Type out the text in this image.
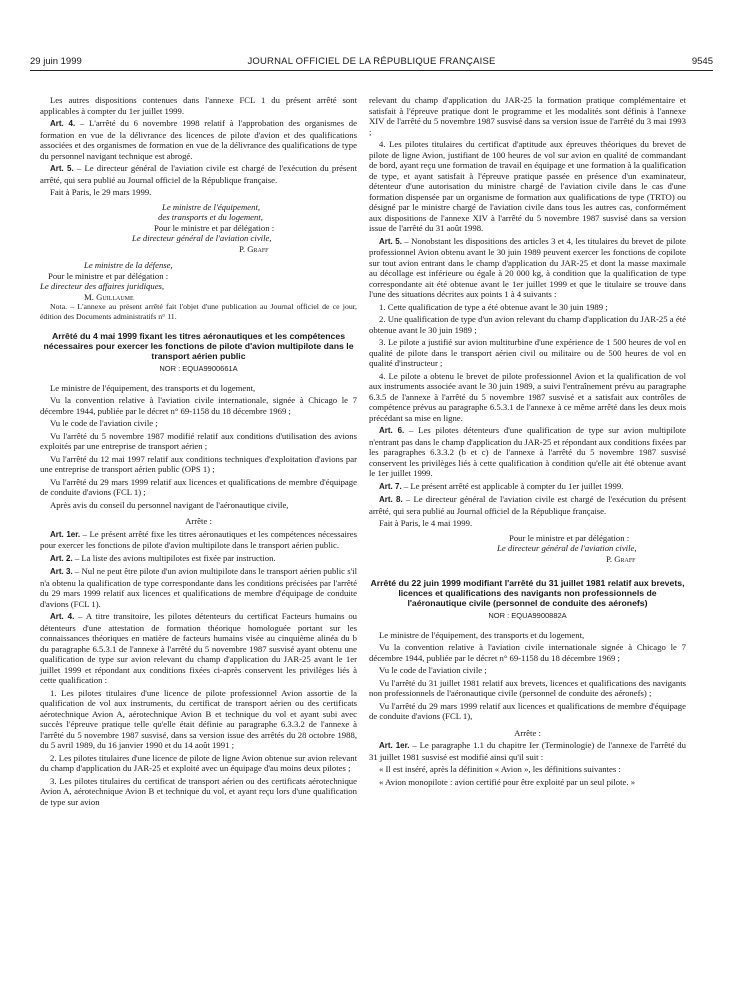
29 juin 1999	JOURNAL OFFICIEL DE LA RÉPUBLIQUE FRANÇAISE	9545

Les autres dispositions contenues dans l'annexe FCL 1 du présent arrêté sont applicables à compter du 1er juillet 1999.

Art. 4. – L'arrêté du 6 novembre 1998 relatif à l'approbation des organismes de formation en vue de la délivrance des licences de pilote d'avion et des qualifications associées et des organismes de formation en vue de la délivrance des qualifications de type du personnel navigant technique est abrogé.

Art. 5. – Le directeur général de l'aviation civile est chargé de l'exécution du présent arrêté, qui sera publié au Journal officiel de la République française.

Fait à Paris, le 29 mars 1999.

Le ministre de l'équipement,

des transports et du logement,

Pour le ministre et par délégation :

Le directeur général de l'aviation civile,

P. Graff

Le ministre de la défense,

Pour le ministre et par délégation :

Le directeur des affaires juridiques,

M. Guillaume

Nota. – L'annexe au présent arrêté fait l'objet d'une publication au Journal officiel de ce jour, édition des Documents administratifs n° 11.

Arrêté du 4 mai 1999 fixant les titres aéronautiques et les compétences nécessaires pour exercer les fonctions de pilote d'avion multipilote dans le transport aérien public
NOR : EQUA9900661A

Le ministre de l'équipement, des transports et du logement,

Vu la convention relative à l'aviation civile internationale, signée à Chicago le 7 décembre 1944, publiée par le décret n° 69-1158 du 18 décembre 1969 ;

Vu le code de l'aviation civile ;

Vu l'arrêté du 5 novembre 1987 modifié relatif aux conditions d'utilisation des avions exploités par une entreprise de transport aérien ;

Vu l'arrêté du 12 mai 1997 relatif aux conditions techniques d'exploitation d'avions par une entreprise de transport aérien public (OPS 1) ;

Vu l'arrêté du 29 mars 1999 relatif aux licences et qualifications de membre d'équipage de conduite d'avions (FCL 1) ;

Après avis du conseil du personnel navigant de l'aéronautique civile,

Arrête :

Art. 1er. – Le présent arrêté fixe les titres aéronautiques et les compétences nécessaires pour exercer les fonctions de pilote d'avion multipilote dans le transport aérien public.

Art. 2. – La liste des avions multipilotes est fixée par instruction.

Art. 3. – Nul ne peut être pilote d'un avion multipilote dans le transport aérien public s'il n'a obtenu la qualification de type correspondante dans les conditions précisées par l'arrêté du 29 mars 1999 relatif aux licences et qualifications de membre d'équipage de conduite d'avions (FCL 1).

Art. 4. – A titre transitoire, les pilotes détenteurs du certificat Facteurs humains ou détenteurs d'une attestation de formation théorique homologuée portant sur les connaissances théoriques en matière de facteurs humains visée au cinquième alinéa du b du paragraphe 6.5.3.1 de l'annexe à l'arrêté du 5 novembre 1987 susvisé ayant obtenu une qualification de type sur avion relevant du champ d'application du JAR-25 avant le 1er juillet 1999 et répondant aux conditions fixées ci-après conservent les privilèges liés à cette qualification :

1. Les pilotes titulaires d'une licence de pilote professionnel Avion assortie de la qualification de vol aux instruments, du certificat de transport aérien ou des certificats aérotechnique Avion A, aérotechnique Avion B et technique du vol et ayant subi avec succès l'épreuve pratique telle qu'elle était définie au paragraphe 6.3.3.2 de l'annexe à l'arrêté du 5 novembre 1987 susvisé, dans sa version issue des arrêtés du 28 octobre 1988, du 5 avril 1989, du 16 janvier 1990 et du 14 août 1991 ;

2. Les pilotes titulaires d'une licence de pilote de ligne Avion obtenue sur avion relevant du champ d'application du JAR-25 et exploité avec un équipage d'au moins deux pilotes ;

3. Les pilotes titulaires du certificat de transport aérien ou des certificats aérotechnique Avion A, aérotechnique Avion B et technique du vol, et ayant reçu lors d'une qualification de type sur avion

relevant du champ d'application du JAR-25 la formation pratique complémentaire et satisfait à l'épreuve pratique dont le programme et les modalités sont définis à l'annexe XIV de l'arrêté du 5 novembre 1987 susvisé dans sa version issue de l'arrêté du 3 mai 1993 ;

4. Les pilotes titulaires du certificat d'aptitude aux épreuves théoriques du brevet de pilote de ligne Avion, justifiant de 100 heures de vol sur avion en qualité de commandant de bord, ayant reçu une formation de travail en équipage et une formation à la qualification de type, et ayant satisfait à l'épreuve pratique passée en présence d'un examinateur, détenteur d'une autorisation du ministre chargé de l'aviation civile dans le cas d'une formation dispensée par un organisme de formation aux qualifications de type (TRTO) ou désigné par le ministre chargé de l'aviation civile dans tous les autres cas, conformément aux dispositions de l'annexe XIV à l'arrêté du 5 novembre 1987 susvisé dans sa version issue de l'arrêté du 31 août 1998.

Art. 5. – Nonobstant les dispositions des articles 3 et 4, les titulaires du brevet de pilote professionnel Avion obtenu avant le 30 juin 1989 peuvent exercer les fonctions de copilote sur tout avion entrant dans le champ d'application du JAR-25 et dont la masse maximale au décollage est inférieure ou égale à 20 000 kg, à condition que la qualification de type correspondante ait été obtenue avant le 1er juillet 1999 et que le titulaire se trouve dans l'une des situations décrites aux points 1 à 4 suivants :

1. Cette qualification de type a été obtenue avant le 30 juin 1989 ;

2. Une qualification de type d'un avion relevant du champ d'application du JAR-25 a été obtenue avant le 30 juin 1989 ;

3. Le pilote a justifié sur avion multiturbine d'une expérience de 1 500 heures de vol en qualité de pilote dans le transport aérien civil ou militaire ou de 500 heures de vol en qualité d'instructeur ;

4. Le pilote a obtenu le brevet de pilote professionnel Avion et la qualification de vol aux instruments associée avant le 30 juin 1989, a suivi l'entraînement prévu au paragraphe 6.3.5 de l'annexe à l'arrêté du 5 novembre 1987 susvisé et a satisfait aux contrôles de compétence prévus au paragraphe 6.5.3.1 de l'annexe à ce même arrêté dans les deux mois précédant sa mise en ligne.

Art. 6. – Les pilotes détenteurs d'une qualification de type sur avion multipilote n'entrant pas dans le champ d'application du JAR-25 et répondant aux conditions fixées par les paragraphes 6.3.3.2 (b et c) de l'annexe à l'arrêté du 5 novembre 1987 susvisé conservent les privilèges liés à cette qualification à condition qu'elle ait été obtenue avant le 1er juillet 1999.

Art. 7. – Le présent arrêté est applicable à compter du 1er juillet 1999.

Art. 8. – Le directeur général de l'aviation civile est chargé de l'exécution du présent arrêté, qui sera publié au Journal officiel de la République française.

Fait à Paris, le 4 mai 1999.

Pour le ministre et par délégation :

Le directeur général de l'aviation civile,

P. Graff

Arrêté du 22 juin 1999 modifiant l'arrêté du 31 juillet 1981 relatif aux brevets, licences et qualifications des navigants non professionnels de l'aéronautique civile (personnel de conduite des aéronefs)
NOR : EQUA9900882A

Le ministre de l'équipement, des transports et du logement,

Vu la convention relative à l'aviation civile internationale signée à Chicago le 7 décembre 1944, publiée par le décret n° 69-1158 du 18 décembre 1969 ;

Vu le code de l'aviation civile ;

Vu l'arrêté du 31 juillet 1981 relatif aux brevets, licences et qualifications des navigants non professionnels de l'aéronautique civile (personnel de conduite des aéronefs) ;

Vu l'arrêté du 29 mars 1999 relatif aux licences et qualifications de membre d'équipage de conduite d'avions (FCL 1),

Arrête :

Art. 1er. – Le paragraphe 1.1 du chapitre Ier (Terminologie) de l'annexe de l'arrêté du 31 juillet 1981 susvisé est modifié ainsi qu'il suit :

« Il est inséré, après la définition « Avion », les définitions suivantes :

« Avion monopilote : avion certifié pour être exploité par un seul pilote. »
